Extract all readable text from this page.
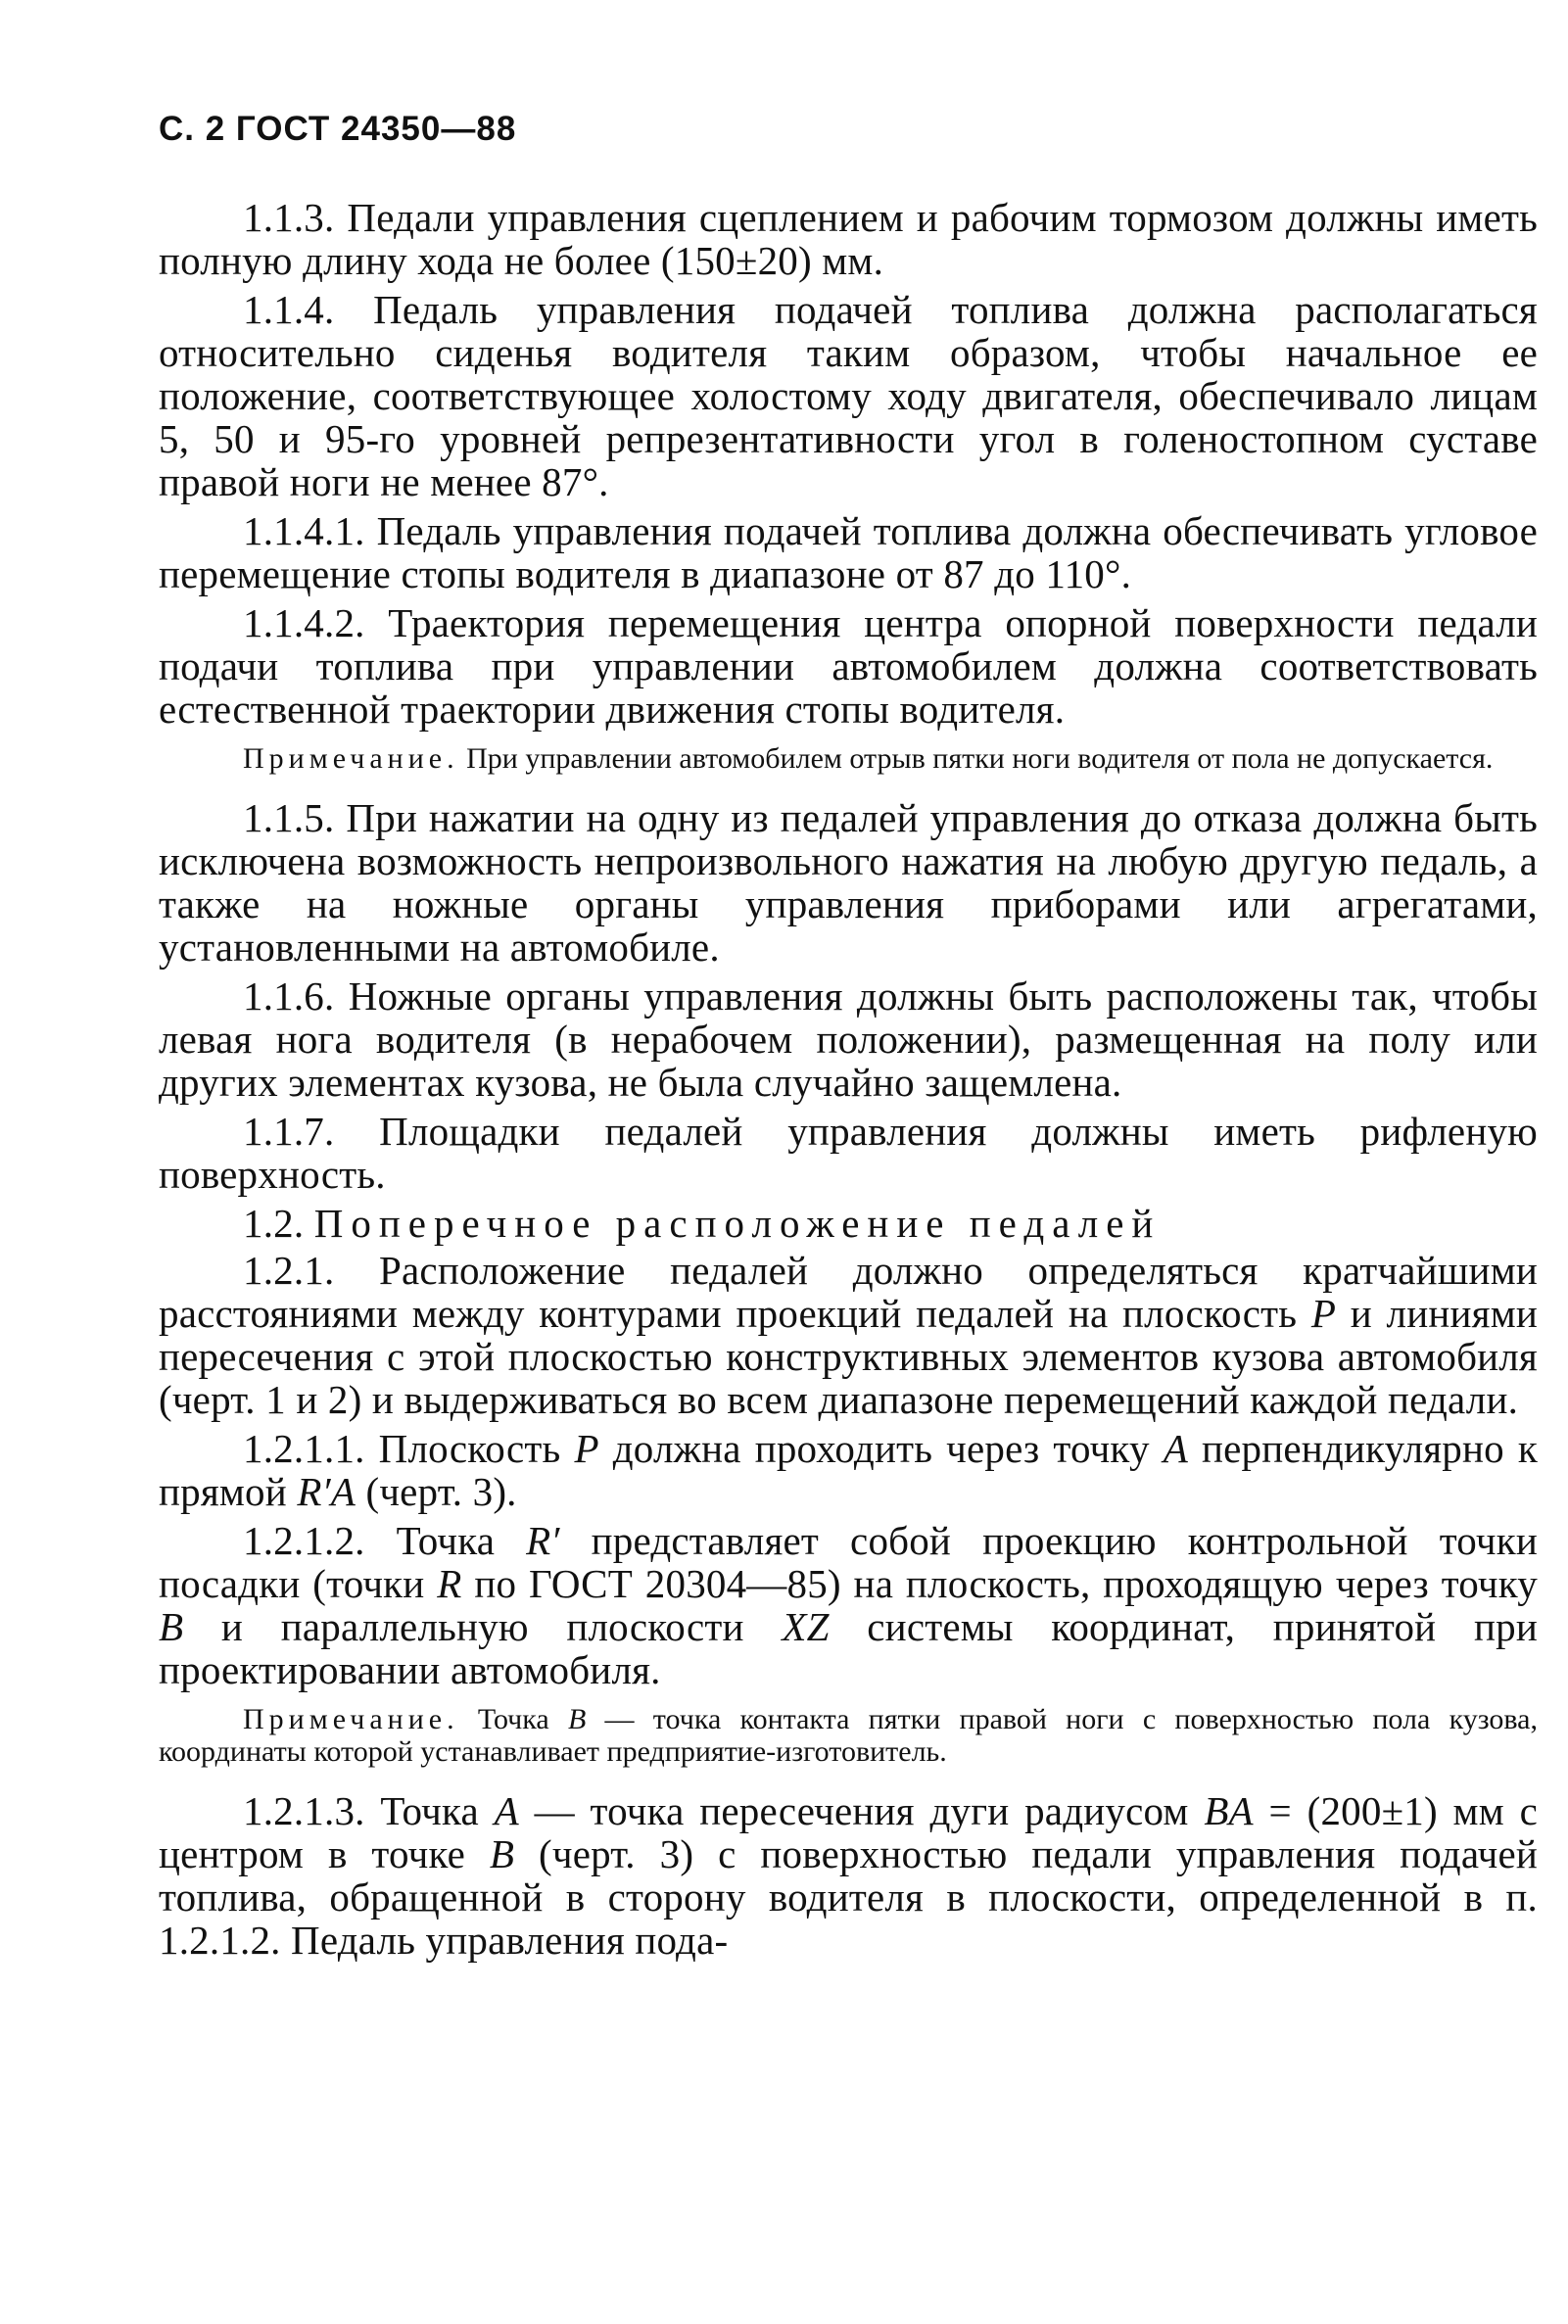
С. 2 ГОСТ 24350—88

1.1.3. Педали управления сцеплением и рабочим тормозом должны иметь полную длину хода не более (150±20) мм.

1.1.4. Педаль управления подачей топлива должна располагаться относительно сиденья водителя таким образом, чтобы начальное ее положение, соответствующее холостому ходу двигателя, обеспечивало лицам 5, 50 и 95-го уровней репрезентативности угол в голеностопном суставе правой ноги не менее 87°.

1.1.4.1. Педаль управления подачей топлива должна обеспечивать угловое перемещение стопы водителя в диапазоне от 87 до 110°.

1.1.4.2. Траектория перемещения центра опорной поверхности педали подачи топлива при управлении автомобилем должна соответствовать естественной траектории движения стопы водителя.

Примечание. При управлении автомобилем отрыв пятки ноги водителя от пола не допускается.

1.1.5. При нажатии на одну из педалей управления до отказа должна быть исключена возможность непроизвольного нажатия на любую другую педаль, а также на ножные органы управления приборами или агрегатами, установленными на автомобиле.

1.1.6. Ножные органы управления должны быть расположены так, чтобы левая нога водителя (в нерабочем положении), размещенная на полу или других элементах кузова, не была случайно защемлена.

1.1.7. Площадки педалей управления должны иметь рифленую поверхность.

1.2. Поперечное расположение педалей

1.2.1. Расположение педалей должно определяться кратчайшими расстояниями между контурами проекций педалей на плоскость P и линиями пересечения с этой плоскостью конструктивных элементов кузова автомобиля (черт. 1 и 2) и выдерживаться во всем диапазоне перемещений каждой педали.

1.2.1.1. Плоскость P должна проходить через точку A перпендикулярно к прямой R′A (черт. 3).

1.2.1.2. Точка R′ представляет собой проекцию контрольной точки посадки (точки R по ГОСТ 20304—85) на плоскость, проходящую через точку B и параллельную плоскости XZ системы координат, принятой при проектировании автомобиля.

Примечание. Точка B — точка контакта пятки правой ноги с поверхностью пола кузова, координаты которой устанавливает предприятие-изготовитель.

1.2.1.3. Точка A — точка пересечения дуги радиусом BA = (200±1) мм с центром в точке B (черт. 3) с поверхностью педали управления подачей топлива, обращенной в сторону водителя в плоскости, определенной в п. 1.2.1.2. Педаль управления пода-
